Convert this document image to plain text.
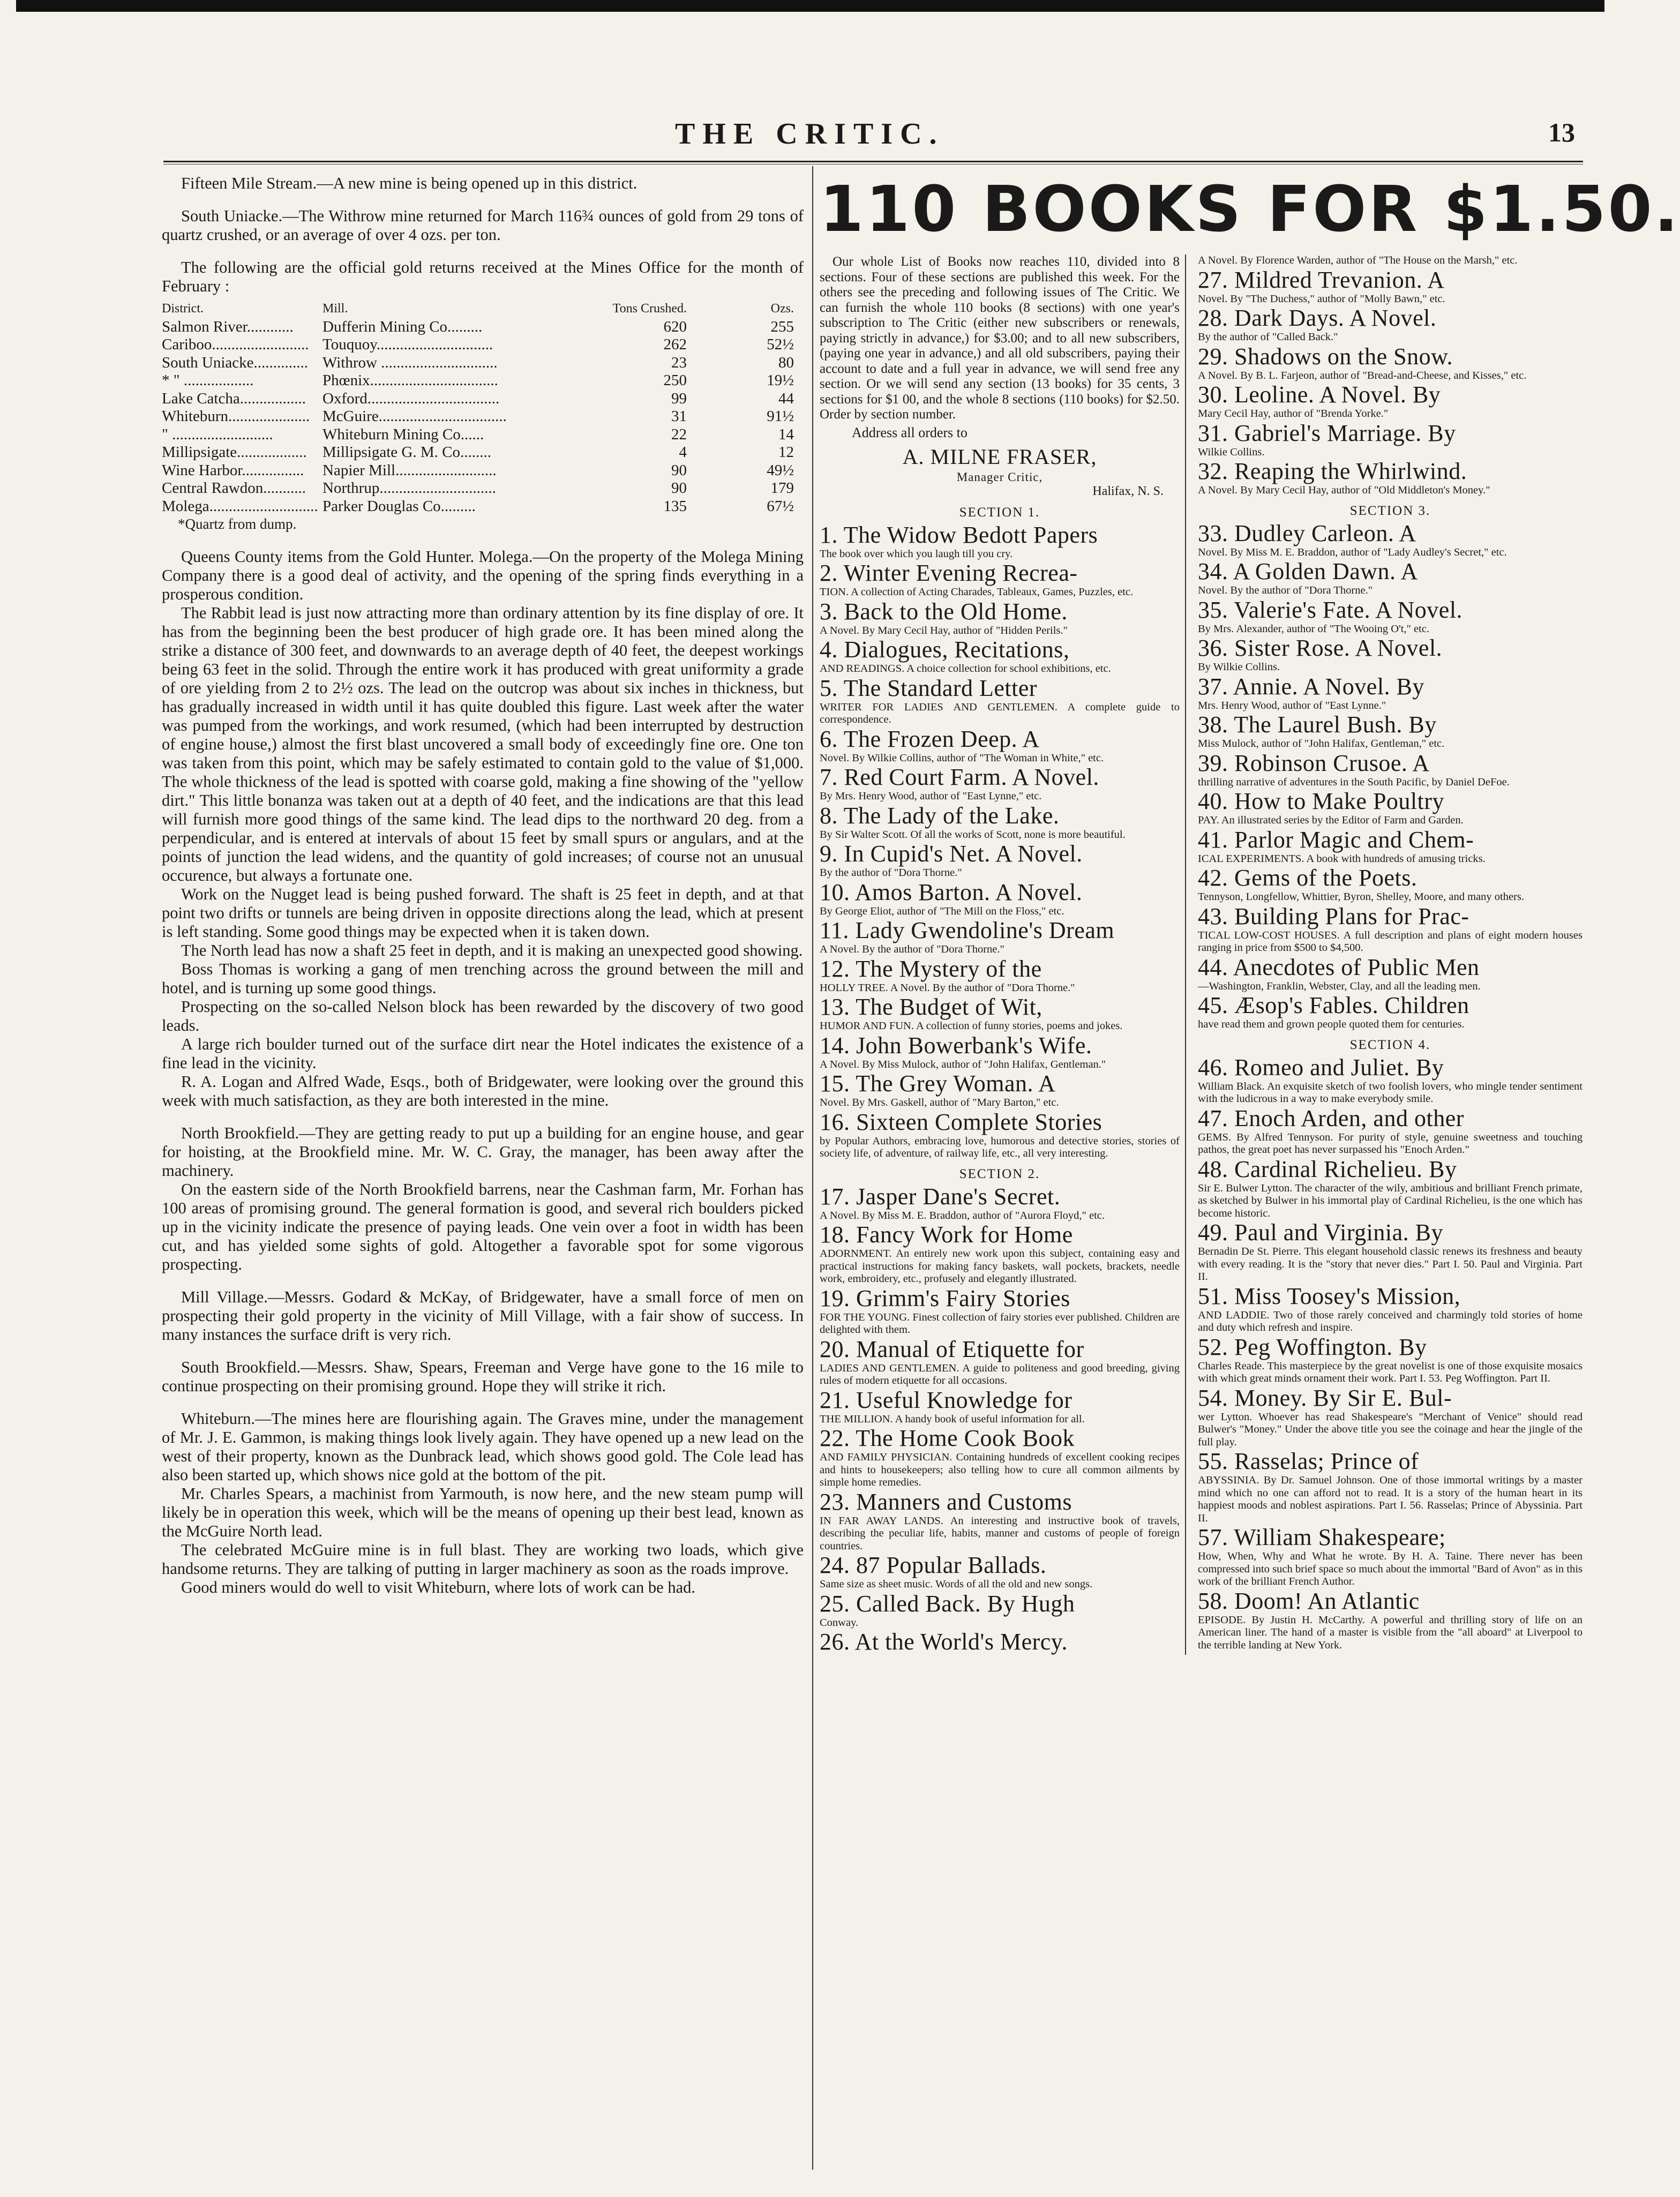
THE CRITIC.	13

Fifteen Mile Stream.—A new mine is being opened up in this district.

South Uniacke.—The Withrow mine returned for March 116¾ ounces of gold from 29 tons of quartz crushed, or an average of over 4 ozs. per ton.

The following are the official gold returns received at the Mines Office for the month of February :

District.	Mill.	Tons Crushed.	Ozs.
Salmon River............	Dufferin Mining Co.........	620	255
Cariboo......................... Touquoy..............................	262	52½
South Uniacke.............. Withrow ..............................	23	80
* " ..................	Phœnix.................................	250	19½
Lake Catcha.................	Oxford..................................	99	44
Whiteburn..................... McGuire.................................	31	91½
" ..........................	Whiteburn Mining Co......	22	14
Millipsigate..................	Millipsigate G. M. Co........	4	12
Wine Harbor................	Napier Mill..........................	90	49½
Central Rawdon...........	Northrup..............................	90	179
Molega............................ Parker Douglas Co.........	135	67½
*Quartz from dump.

Queens County items from the Gold Hunter. Molega.—On the property of the Molega Mining Company there is a good deal of activity, and the opening of the spring finds everything in a prosperous condition.

The Rabbit lead is just now attracting more than ordinary attention by its fine display of ore. It has from the beginning been the best producer of high grade ore. It has been mined along the strike a distance of 300 feet, and downwards to an average depth of 40 feet, the deepest workings being 63 feet in the solid. Through the entire work it has produced with great uniformity a grade of ore yielding from 2 to 2½ ozs. The lead on the outcrop was about six inches in thickness, but has gradually increased in width until it has quite doubled this figure. Last week after the water was pumped from the workings, and work resumed, (which had been interrupted by destruction of engine house,) almost the first blast uncovered a small body of exceedingly fine ore. One ton was taken from this point, which may be safely estimated to contain gold to the value of $1,000. The whole thickness of the lead is spotted with coarse gold, making a fine showing of the "yellow dirt." This little bonanza was taken out at a depth of 40 feet, and the indications are that this lead will furnish more good things of the same kind. The lead dips to the northward 20 deg. from a perpendicular, and is entered at intervals of about 15 feet by small spurs or angulars, and at the points of junction the lead widens, and the quantity of gold increases; of course not an unusual occurence, but always a fortunate one.

Work on the Nugget lead is being pushed forward. The shaft is 25 feet in depth, and at that point two drifts or tunnels are being driven in opposite directions along the lead, which at present is left standing. Some good things may be expected when it is taken down.

The North lead has now a shaft 25 feet in depth, and it is making an unexpected good showing.

Boss Thomas is working a gang of men trenching across the ground between the mill and hotel, and is turning up some good things.

Prospecting on the so-called Nelson block has been rewarded by the discovery of two good leads.

A large rich boulder turned out of the surface dirt near the Hotel indicates the existence of a fine lead in the vicinity.

R. A. Logan and Alfred Wade, Esqs., both of Bridgewater, were looking over the ground this week with much satisfaction, as they are both interested in the mine.

North Brookfield.—They are getting ready to put up a building for an engine house, and gear for hoisting, at the Brookfield mine. Mr. W. C. Gray, the manager, has been away after the machinery.

On the eastern side of the North Brookfield barrens, near the Cashman farm, Mr. Forhan has 100 areas of promising ground. The general formation is good, and several rich boulders picked up in the vicinity indicate the presence of paying leads. One vein over a foot in width has been cut, and has yielded some sights of gold. Altogether a favorable spot for some vigorous prospecting.

Mill Village.—Messrs. Godard & McKay, of Bridgewater, have a small force of men on prospecting their gold property in the vicinity of Mill Village, with a fair show of success. In many instances the surface drift is very rich.

South Brookfield.—Messrs. Shaw, Spears, Freeman and Verge have gone to the 16 mile to continue prospecting on their promising ground. Hope they will strike it rich.

Whiteburn.—The mines here are flourishing again. The Graves mine, under the management of Mr. J. E. Gammon, is making things look lively again. They have opened up a new lead on the west of their property, known as the Dunbrack lead, which shows good gold. The Cole lead has also been started up, which shows nice gold at the bottom of the pit.

Mr. Charles Spears, a machinist from Yarmouth, is now here, and the new steam pump will likely be in operation this week, which will be the means of opening up their best lead, known as the McGuire North lead.

The celebrated McGuire mine is in full blast. They are working two loads, which give handsome returns. They are talking of putting in larger machinery as soon as the roads improve.

Good miners would do well to visit Whiteburn, where lots of work can be had.

110 BOOKS FOR $1.50.

Our whole List of Books now reaches 110, divided into 8 sections. Four of these sections are published this week. For the others see the preceding and following issues of The Critic. We can furnish the whole 110 books (8 sections) with one year's subscription to The Critic (either new subscribers or renewals, paying strictly in advance,) for $3.00; and to all new subscribers, (paying one year in advance,) and all old subscribers, paying their account to date and a full year in advance, we will send free any section. Or we will send any section (13 books) for 35 cents, 3 sections for $1 00, and the whole 8 sections (110 books) for $2.50. Order by section number.

Address all orders to
A. MILNE FRASER,
Manager Critic,
Halifax, N. S.
SECTION 1.
1. The Widow Bedott Papers
The book over which you laugh till you cry.
2. Winter Evening Recrea-
TION. A collection of Acting Charades, Tableaux, Games, Puzzles, etc.
3. Back to the Old Home.
A Novel. By Mary Cecil Hay, author of "Hidden Perils."
4. Dialogues, Recitations,
AND READINGS. A choice collection for school exhibitions, etc.
5. The Standard Letter
WRITER FOR LADIES AND GENTLEMEN. A complete guide to correspondence.
6. The Frozen Deep. A
Novel. By Wilkie Collins, author of "The Woman in White," etc.
7. Red Court Farm. A Novel.
By Mrs. Henry Wood, author of "East Lynne," etc.
8. The Lady of the Lake.
By Sir Walter Scott. Of all the works of Scott, none is more beautiful.
9. In Cupid's Net. A Novel.
By the author of "Dora Thorne."
10. Amos Barton. A Novel.
By George Eliot, author of "The Mill on the Floss," etc.
11. Lady Gwendoline's Dream
A Novel. By the author of "Dora Thorne."
12. The Mystery of the
HOLLY TREE. A Novel. By the author of "Dora Thorne."
13. The Budget of Wit,
HUMOR AND FUN. A collection of funny stories, poems and jokes.
14. John Bowerbank's Wife.
A Novel. By Miss Mulock, author of "John Halifax, Gentleman."
15. The Grey Woman. A
Novel. By Mrs. Gaskell, author of "Mary Barton," etc.
16. Sixteen Complete Stories
by Popular Authors, embracing love, humorous and detective stories, stories of society life, of adventure, of railway life, etc., all very interesting.
SECTION 2.
17. Jasper Dane's Secret.
A Novel. By Miss M. E. Braddon, author of "Aurora Floyd," etc.
18. Fancy Work for Home
ADORNMENT. An entirely new work upon this subject, containing easy and practical instructions for making fancy baskets, wall pockets, brackets, needle work, embroidery, etc., profusely and elegantly illustrated.
19. Grimm's Fairy Stories
FOR THE YOUNG. Finest collection of fairy stories ever published. Children are delighted with them.
20. Manual of Etiquette for
LADIES AND GENTLEMEN. A guide to politeness and good breeding, giving rules of modern etiquette for all occasions.
21. Useful Knowledge for
THE MILLION. A handy book of useful information for all.
22. The Home Cook Book
AND FAMILY PHYSICIAN. Containing hundreds of excellent cooking recipes and hints to housekeepers; also telling how to cure all common ailments by simple home remedies.
23. Manners and Customs
IN FAR AWAY LANDS. An interesting and instructive book of travels, describing the peculiar life, habits, manner and customs of people of foreign countries.
24. 87 Popular Ballads.
Same size as sheet music. Words of all the old and new songs.
25. Called Back. By Hugh
Conway.
26. At the World's Mercy.
A Novel. By Florence Warden, author of "The House on the Marsh," etc.
27. Mildred Trevanion. A
Novel. By "The Duchess," author of "Molly Bawn," etc.
28. Dark Days. A Novel.
By the author of "Called Back."
29. Shadows on the Snow.
A Novel. By B. L. Farjeon, author of "Bread-and-Cheese, and Kisses," etc.
30. Leoline. A Novel. By
Mary Cecil Hay, author of "Brenda Yorke."
31. Gabriel's Marriage. By
Wilkie Collins.
32. Reaping the Whirlwind.
A Novel. By Mary Cecil Hay, author of "Old Middleton's Money."
SECTION 3.
33. Dudley Carleon. A
Novel. By Miss M. E. Braddon, author of "Lady Audley's Secret," etc.
34. A Golden Dawn. A
Novel. By the author of "Dora Thorne."
35. Valerie's Fate. A Novel.
By Mrs. Alexander, author of "The Wooing O't," etc.
36. Sister Rose. A Novel.
By Wilkie Collins.
37. Annie. A Novel. By
Mrs. Henry Wood, author of "East Lynne."
38. The Laurel Bush. By
Miss Mulock, author of "John Halifax, Gentleman," etc.
39. Robinson Crusoe. A
thrilling narrative of adventures in the South Pacific, by Daniel DeFoe.
40. How to Make Poultry
PAY. An illustrated series by the Editor of Farm and Garden.
41. Parlor Magic and Chem-
ICAL EXPERIMENTS. A book with hundreds of amusing tricks.
42. Gems of the Poets.
Tennyson, Longfellow, Whittier, Byron, Shelley, Moore, and many others.
43. Building Plans for Prac-
TICAL LOW-COST HOUSES. A full description and plans of eight modern houses ranging in price from $500 to $4,500.
44. Anecdotes of Public Men
—Washington, Franklin, Webster, Clay, and all the leading men.
45. Æsop's Fables. Children
have read them and grown people quoted them for centuries.
SECTION 4.
46. Romeo and Juliet. By
William Black. An exquisite sketch of two foolish lovers, who mingle tender sentiment with the ludicrous in a way to make everybody smile.
47. Enoch Arden, and other
GEMS. By Alfred Tennyson. For purity of style, genuine sweetness and touching pathos, the great poet has never surpassed his "Enoch Arden."
48. Cardinal Richelieu. By
Sir E. Bulwer Lytton. The character of the wily, ambitious and brilliant French primate, as sketched by Bulwer in his immortal play of Cardinal Richelieu, is the one which has become historic.
49. Paul and Virginia. By
Bernadin De St. Pierre. This elegant household classic renews its freshness and beauty with every reading. It is the "story that never dies." Part I. 50. Paul and Virginia. Part II.
51. Miss Toosey's Mission,
AND LADDIE. Two of those rarely conceived and charmingly told stories of home and duty which refresh and inspire.
52. Peg Woffington. By
Charles Reade. This masterpiece by the great novelist is one of those exquisite mosaics with which great minds ornament their work. Part I. 53. Peg Woffington. Part II.
54. Money. By Sir E. Bul-
wer Lytton. Whoever has read Shakespeare's "Merchant of Venice" should read Bulwer's "Money." Under the above title you see the coinage and hear the jingle of the full play.
55. Rasselas; Prince of
ABYSSINIA. By Dr. Samuel Johnson. One of those immortal writings by a master mind which no one can afford not to read. It is a story of the human heart in its happiest moods and noblest aspirations. Part I. 56. Rasselas; Prince of Abyssinia. Part II.
57. William Shakespeare;
How, When, Why and What he wrote. By H. A. Taine. There never has been compressed into such brief space so much about the immortal "Bard of Avon" as in this work of the brilliant French Author.
58. Doom! An Atlantic
EPISODE. By Justin H. McCarthy. A powerful and thrilling story of life on an American liner. The hand of a master is visible from the "all aboard" at Liverpool to the terrible landing at New York.
